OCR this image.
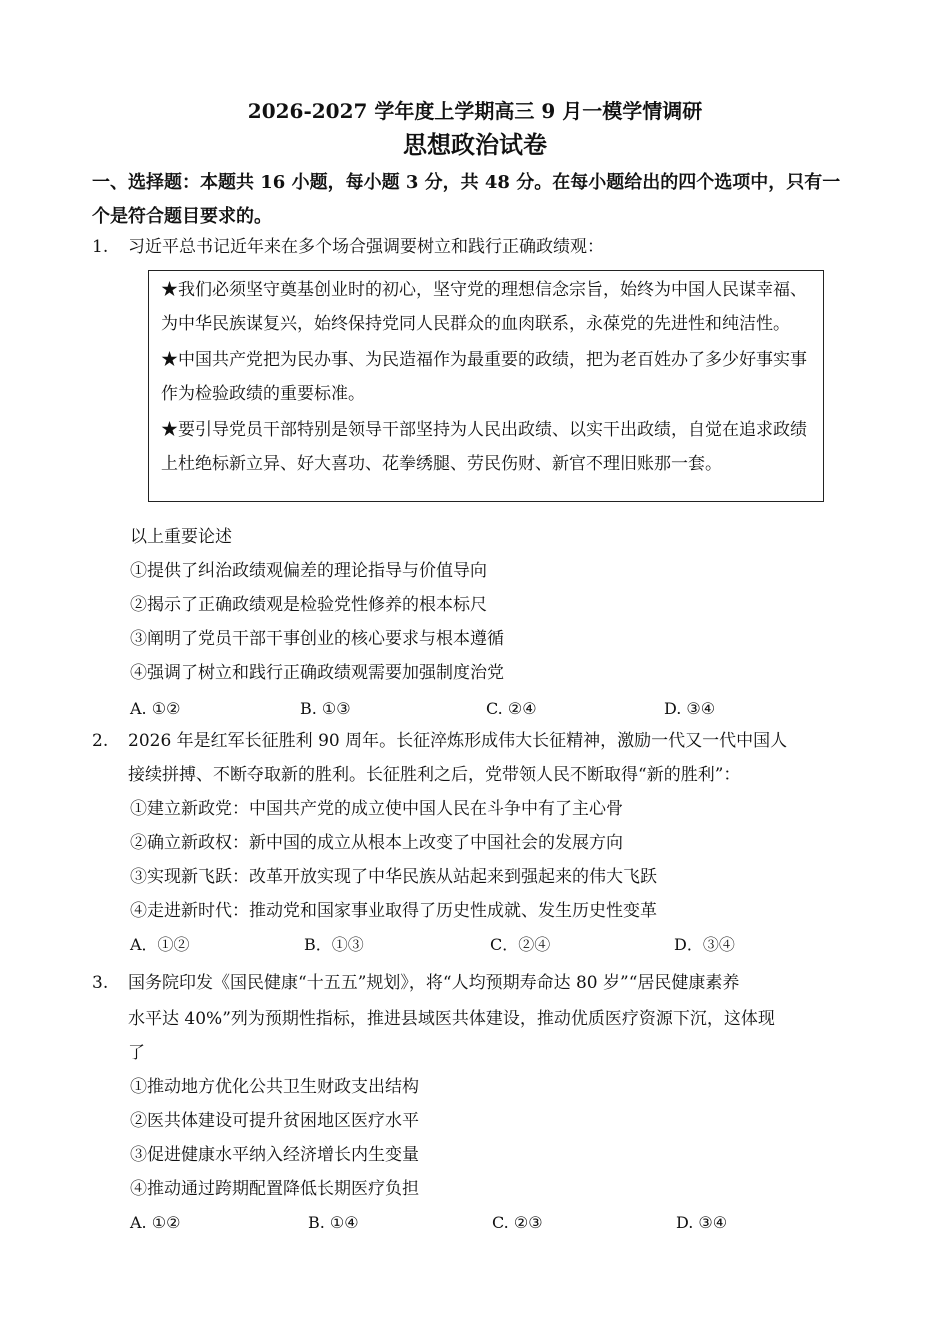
2026-2027 学年度上学期高三 9 月一模学情调研
思想政治试卷
一、选择题：本题共 16 小题，每小题 3 分，共 48 分。在每小题给出的四个选项中，只有一
个是符合题目要求的。
1. 习近平总书记近年来在多个场合强调要树立和践行正确政绩观：

★我们必须坚守奠基创业时的初心，坚守党的理想信念宗旨，始终为中国人民谋幸福、为中华民族谋复兴，始终保持党同人民群众的血肉联系，永葆党的先进性和纯洁性。

★中国共产党把为民办事、为民造福作为最重要的政绩，把为老百姓办了多少好事实事作为检验政绩的重要标准。

★要引导党员干部特别是领导干部坚持为人民出政绩、以实干出政绩，自觉在追求政绩上杜绝标新立异、好大喜功、花拳绣腿、劳民伤财、新官不理旧账那一套。

以上重要论述
①提供了纠治政绩观偏差的理论指导与价值导向
②揭示了正确政绩观是检验党性修养的根本标尺
③阐明了党员干部干事创业的核心要求与根本遵循
④强调了树立和践行正确政绩观需要加强制度治党
A. ①②	B. ①③	C. ②④	D. ③④
2. 2026 年是红军长征胜利 90 周年。长征淬炼形成伟大长征精神，激励一代又一代中国人
接续拼搏、不断夺取新的胜利。长征胜利之后，党带领人民不断取得“新的胜利”：
①建立新政党：中国共产党的成立使中国人民在斗争中有了主心骨
②确立新政权：新中国的成立从根本上改变了中国社会的发展方向
③实现新飞跃：改革开放实现了中华民族从站起来到强起来的伟大飞跃
④走进新时代：推动党和国家事业取得了历史性成就、发生历史性变革
A．①②	B．①③	C．②④	D．③④
3. 国务院印发《国民健康“十五五”规划》，将“人均预期寿命达 80 岁”“居民健康素养
水平达 40%”列为预期性指标，推进县域医共体建设，推动优质医疗资源下沉，这体现
了
①推动地方优化公共卫生财政支出结构
②医共体建设可提升贫困地区医疗水平
③促进健康水平纳入经济增长内生变量
④推动通过跨期配置降低长期医疗负担
A. ①②	B. ①④	C. ②③	D. ③④
